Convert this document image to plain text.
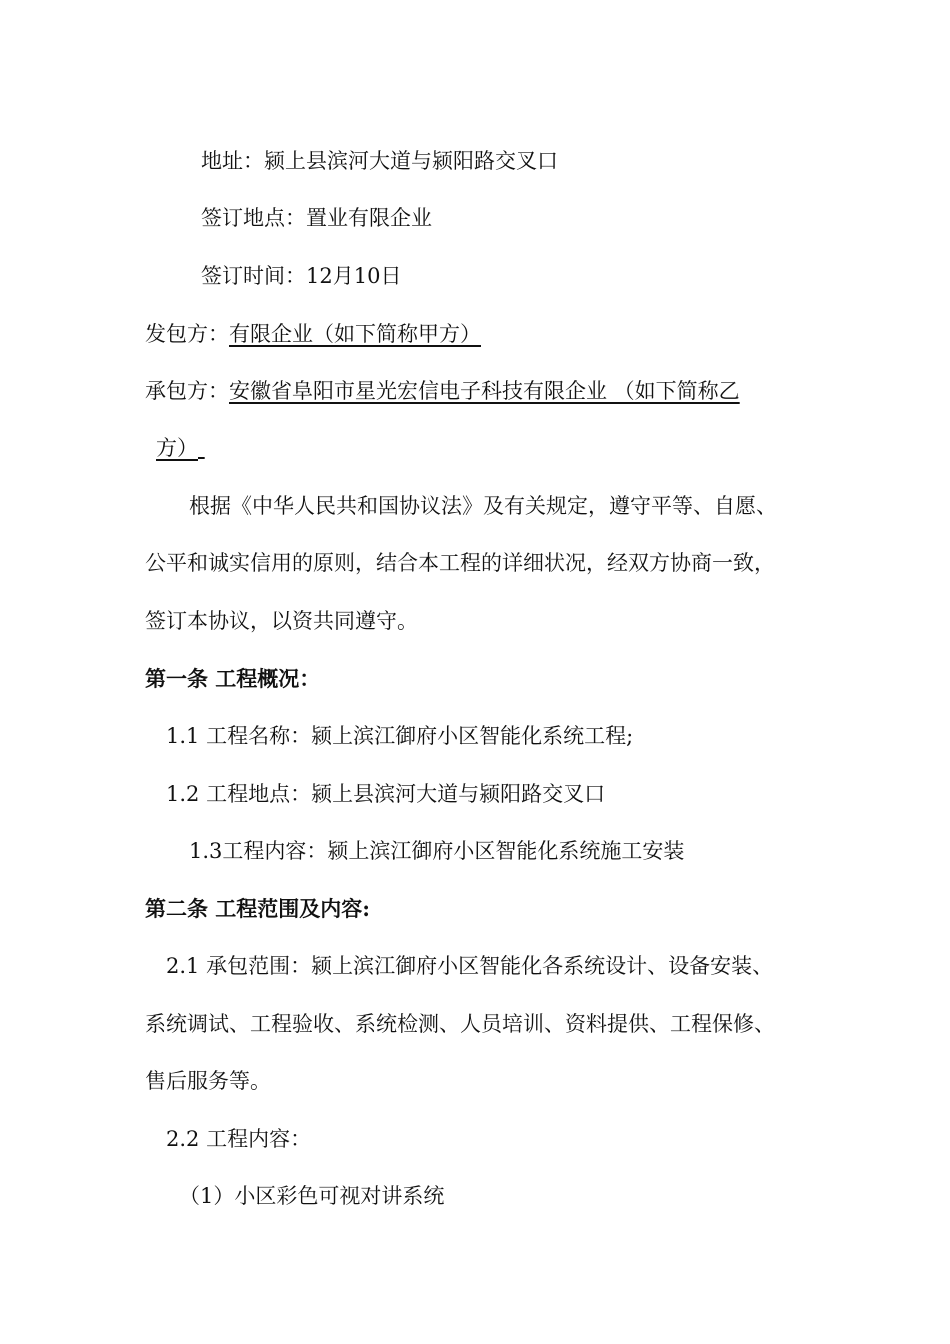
地址：颍上县滨河大道与颍阳路交叉口
签订地点：置业有限企业
签订时间：12月10日
发包方：有限企业（如下简称甲方）
承包方：安徽省阜阳市星光宏信电子科技有限企业 （如下简称乙
方）
根据《中华人民共和国协议法》及有关规定，遵守平等、自愿、
公平和诚实信用的原则，结合本工程的详细状况，经双方协商一致，
签订本协议，以资共同遵守。
第一条 工程概况：
1.1 工程名称：颍上滨江御府小区智能化系统工程;
1.2 工程地点：颍上县滨河大道与颍阳路交叉口
1.3工程内容：颍上滨江御府小区智能化系统施工安装
第二条 工程范围及内容:
2.1 承包范围：颍上滨江御府小区智能化各系统设计、设备安装、
系统调试、工程验收、系统检测、人员培训、资料提供、工程保修、
售后服务等。
2.2 工程内容：
（1）小区彩色可视对讲系统
